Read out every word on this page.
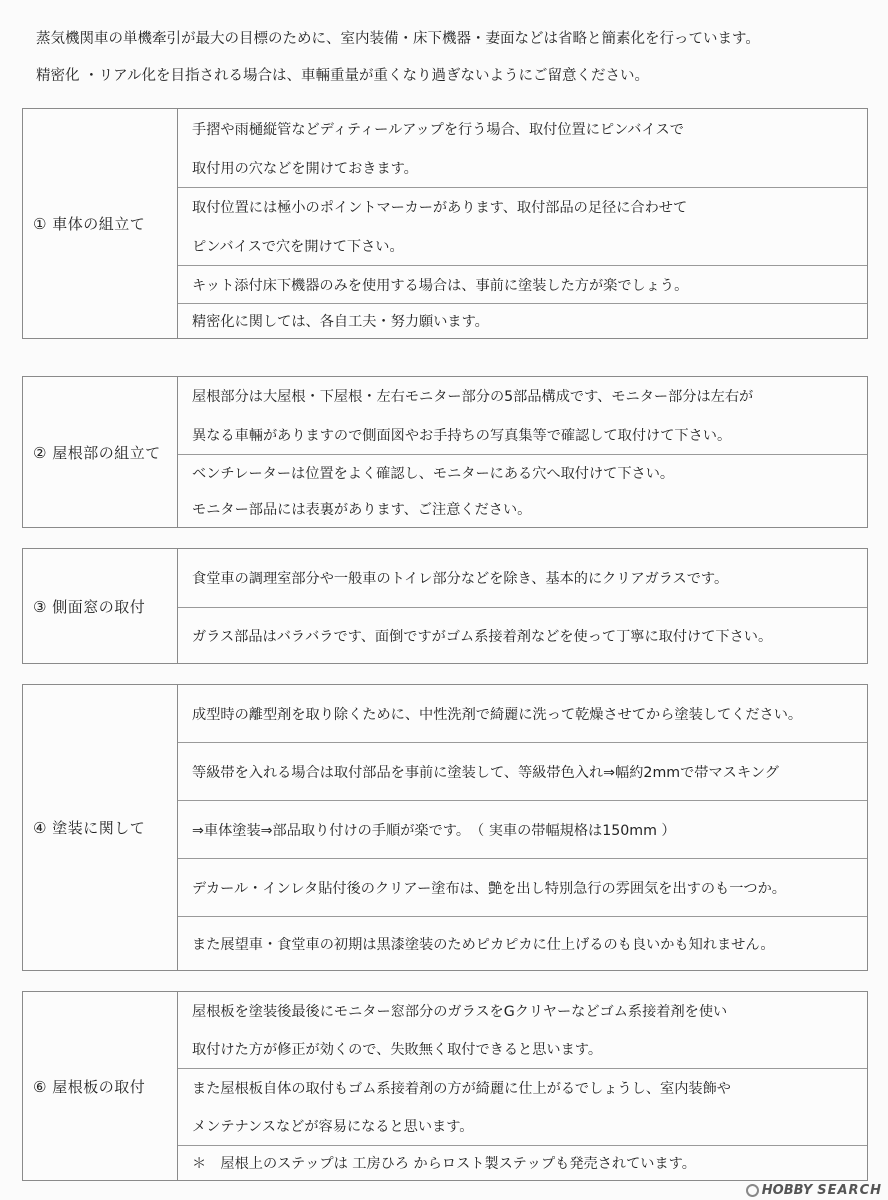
蒸気機関車の単機牽引が最大の目標のために、室内装備・床下機器・妻面などは省略と簡素化を行っています。
精密化 ・リアル化を目指される場合は、車輛重量が重くなり過ぎないようにご留意ください。
① 車体の組立て
手摺や雨樋縦管などディティールアップを行う場合、取付位置にピンバイスで
取付用の穴などを開けておきます。
取付位置には極小のポイントマーカーがあります、取付部品の足径に合わせて
ピンバイスで穴を開けて下さい。
キット添付床下機器のみを使用する場合は、事前に塗装した方が楽でしょう。
精密化に関しては、各自工夫・努力願います。
② 屋根部の組立て
屋根部分は大屋根・下屋根・左右モニター部分の5部品構成です、モニター部分は左右が
異なる車輛がありますので側面図やお手持ちの写真集等で確認して取付けて下さい。
ベンチレーターは位置をよく確認し、モニターにある穴へ取付けて下さい。
モニター部品には表裏があります、ご注意ください。
③ 側面窓の取付
食堂車の調理室部分や一般車のトイレ部分などを除き、基本的にクリアガラスです。
ガラス部品はバラバラです、面倒ですがゴム系接着剤などを使って丁寧に取付けて下さい。
④ 塗装に関して
成型時の離型剤を取り除くために、中性洗剤で綺麗に洗って乾燥させてから塗装してください。
等級帯を入れる場合は取付部品を事前に塗装して、等級帯色入れ⇒幅約2mmで帯マスキング
⇒車体塗装⇒部品取り付けの手順が楽です。　（ 実車の帯幅規格は150mm ）
デカール・インレタ貼付後のクリアー塗布は、艶を出し特別急行の雰囲気を出すのも一つか。
また展望車・食堂車の初期は黒漆塗装のためピカピカに仕上げるのも良いかも知れません。
⑥ 屋根板の取付
屋根板を塗装後最後にモニター窓部分のガラスをGクリヤーなどゴム系接着剤を使い
取付けた方が修正が効くので、失敗無く取付できると思います。
また屋根板自体の取付もゴム系接着剤の方が綺麗に仕上がるでしょうし、室内装飾や
メンテナンスなどが容易になると思います。
＊　屋根上のステップは 工房ひろ からロスト製ステップも発売されています。
HOBBY SEARCH
